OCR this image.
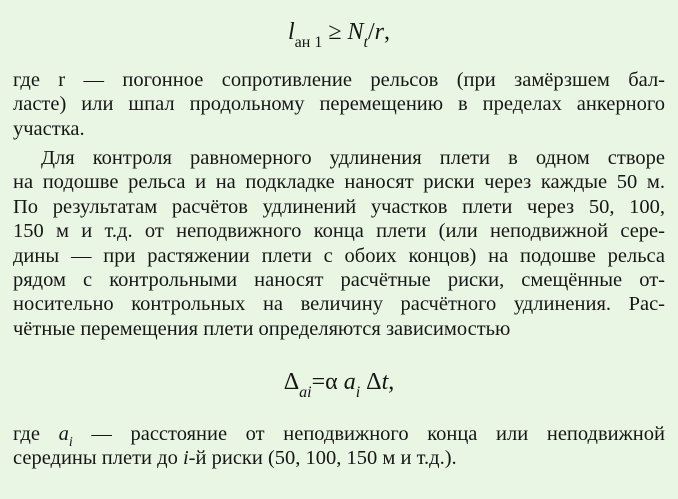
$l_{ан 1} \ge N_t/r$,
где r — погонное сопротивление рельсов (при замёрзшем бал-
ласте) или шпал продольному перемещению в пределах анкерного
участка.
Для контроля равномерного удлинения плети в одном створе
на подошве рельса и на подкладке наносят риски через каждые 50 м.
По результатам расчётов удлинений участков плети через 50, 100,
150 м и т.д. от неподвижного конца плети (или неподвижной сере-
дины — при растяжении плети с обоих концов) на подошве рельса
рядом с контрольными наносят расчётные риски, смещённые от-
носительно контрольных на величину расчётного удлинения. Рас-
чётные перемещения плети определяются зависимостью
$\Delta_{ai}=\alpha$ $a_i$ Δt,
где $a_i$ — расстояние от неподвижного конца или неподвижной
середины плети до i-й риски (50, 100, 150 м и т.д.).
